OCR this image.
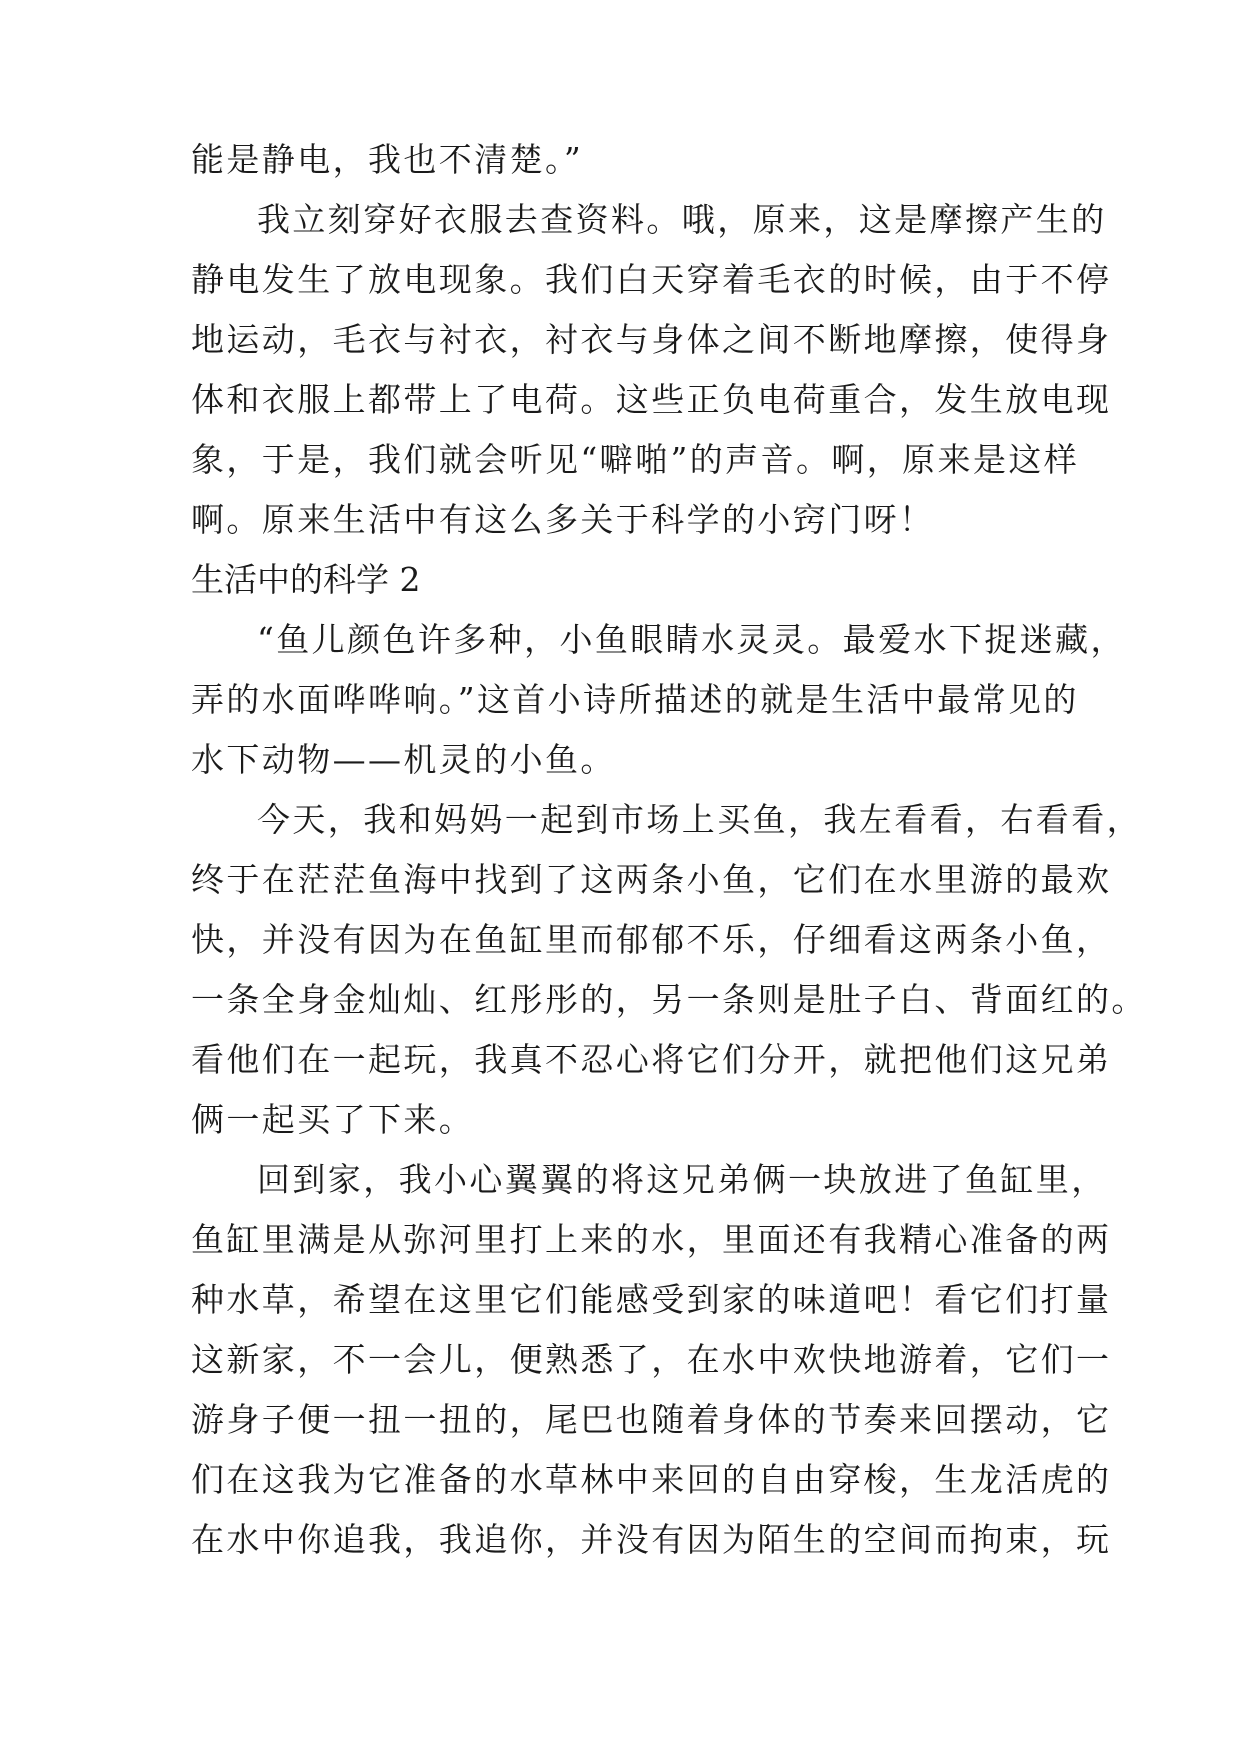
能是静电，我也不清楚。”
我立刻穿好衣服去查资料。哦，原来，这是摩擦产生的
静电发生了放电现象。我们白天穿着毛衣的时候，由于不停
地运动，毛衣与衬衣，衬衣与身体之间不断地摩擦，使得身
体和衣服上都带上了电荷。这些正负电荷重合，发生放电现
象，于是，我们就会听见“噼啪”的声音。啊，原来是这样
啊。原来生活中有这么多关于科学的小窍门呀！
生活中的科学 2
“鱼儿颜色许多种，小鱼眼睛水灵灵。最爱水下捉迷藏，
弄的水面哗哗响。”这首小诗所描述的就是生活中最常见的
水下动物——机灵的小鱼。
今天，我和妈妈一起到市场上买鱼，我左看看，右看看，
终于在茫茫鱼海中找到了这两条小鱼，它们在水里游的最欢
快，并没有因为在鱼缸里而郁郁不乐，仔细看这两条小鱼，
一条全身金灿灿、红彤彤的，另一条则是肚子白、背面红的。
看他们在一起玩，我真不忍心将它们分开，就把他们这兄弟
俩一起买了下来。
回到家，我小心翼翼的将这兄弟俩一块放进了鱼缸里，
鱼缸里满是从弥河里打上来的水，里面还有我精心准备的两
种水草，希望在这里它们能感受到家的味道吧！看它们打量
这新家，不一会儿，便熟悉了，在水中欢快地游着，它们一
游身子便一扭一扭的，尾巴也随着身体的节奏来回摆动，它
们在这我为它准备的水草林中来回的自由穿梭，生龙活虎的
在水中你追我，我追你，并没有因为陌生的空间而拘束，玩
